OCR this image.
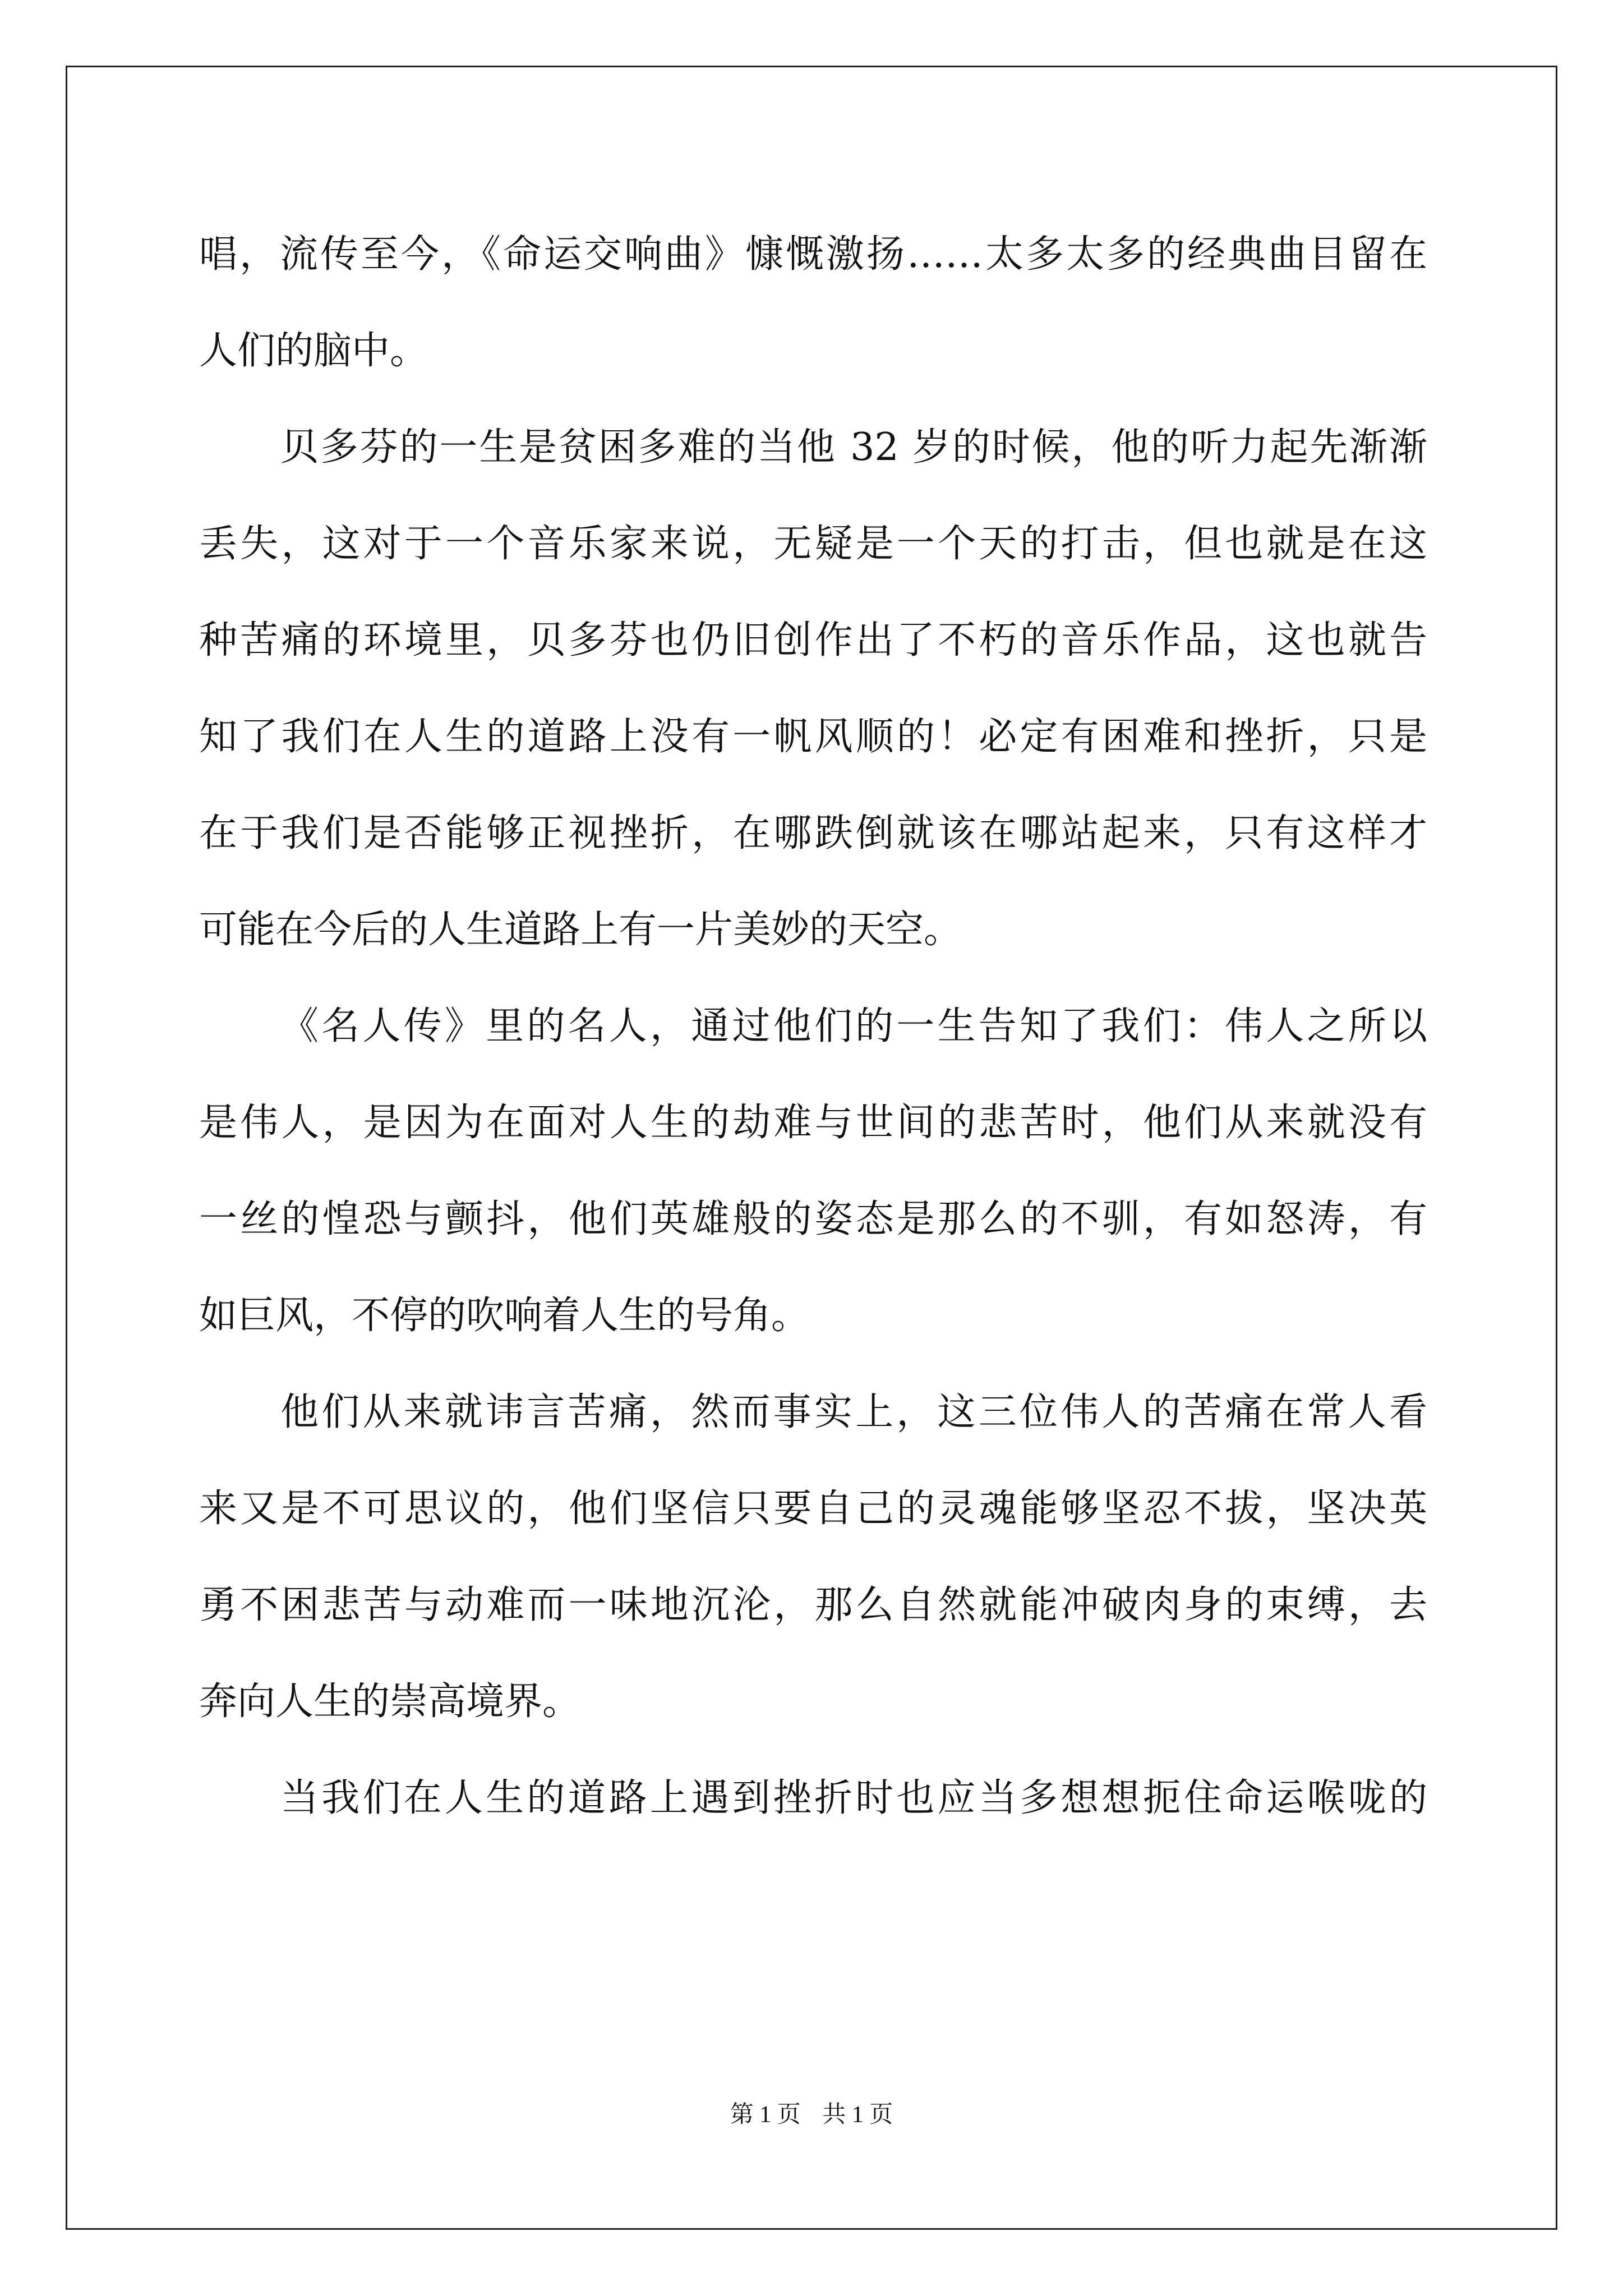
唱，流传至今，《命运交响曲》慷慨激扬……太多太多的经典曲目留在
人们的脑中。
贝多芬的一生是贫困多难的当他 32 岁的时候，他的听力起先渐渐
丢失，这对于一个音乐家来说，无疑是一个天的打击，但也就是在这
种苦痛的环境里，贝多芬也仍旧创作出了不朽的音乐作品，这也就告
知了我们在人生的道路上没有一帆风顺的！必定有困难和挫折，只是
在于我们是否能够正视挫折，在哪跌倒就该在哪站起来，只有这样才
可能在今后的人生道路上有一片美妙的天空。
《名人传》里的名人，通过他们的一生告知了我们：伟人之所以
是伟人，是因为在面对人生的劫难与世间的悲苦时，他们从来就没有
一丝的惶恐与颤抖，他们英雄般的姿态是那么的不驯，有如怒涛，有
如巨风，不停的吹响着人生的号角。
他们从来就讳言苦痛，然而事实上，这三位伟人的苦痛在常人看
来又是不可思议的，他们坚信只要自己的灵魂能够坚忍不拔，坚决英
勇不困悲苦与动难而一味地沉沦，那么自然就能冲破肉身的束缚，去
奔向人生的崇高境界。
当我们在人生的道路上遇到挫折时也应当多想想扼住命运喉咙的
第 1 页 共 1 页
